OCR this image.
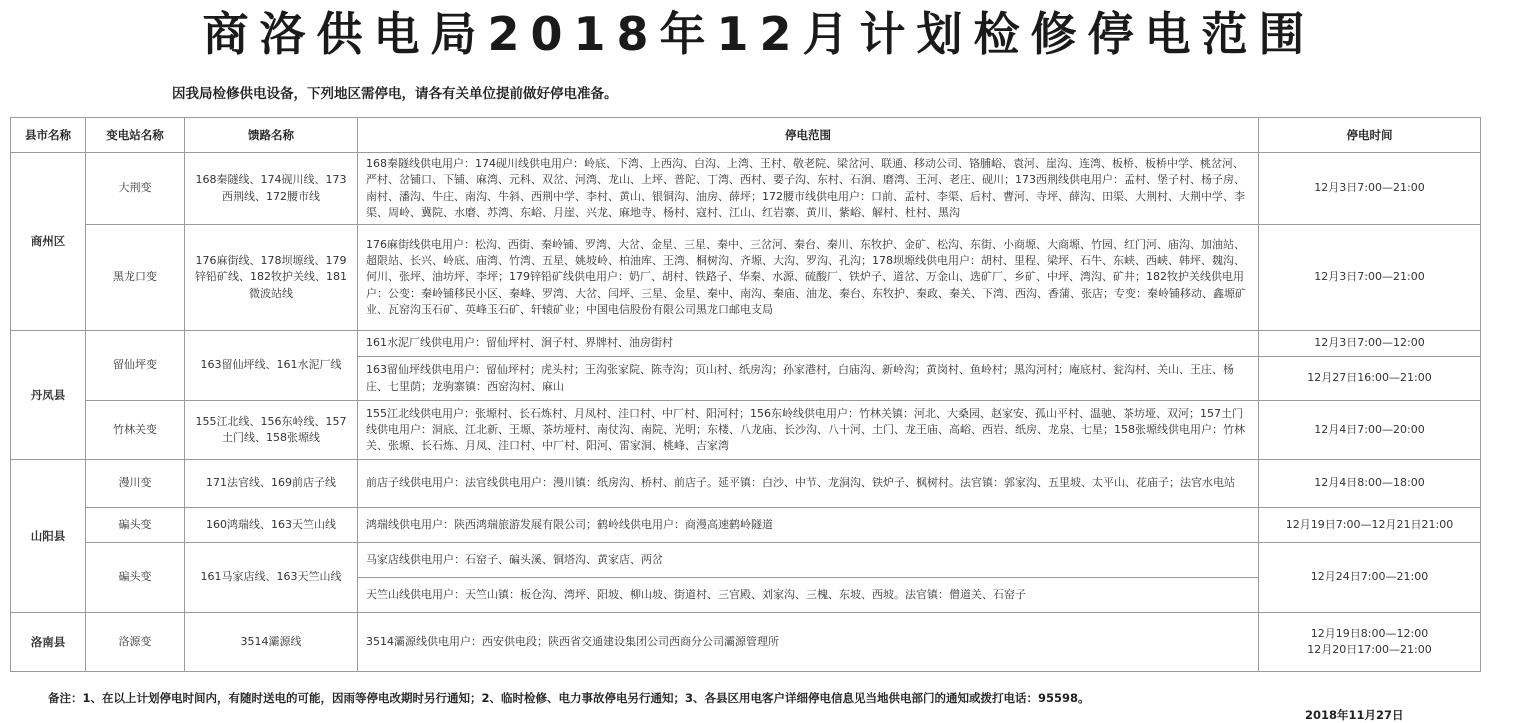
商洛供电局2018年12月计划检修停电范围
因我局检修供电设备，下列地区需停电，请各有关单位提前做好停电准备。
县市名称	变电站名称	馈路名称	停电范围	停电时间
商州区	大荆变	168秦隧线、174砚川线、173西荆线、172腰市线	168秦隧线供电用户：174砚川线供电用户：岭底、下湾、上西沟、白沟、上湾、王村、敬老院、梁岔河、联通、移动公司、铬脯峪、袁河、崖沟、连湾、板桥、板桥中学、桃岔河、严村、岔铺口、下铺、麻湾、元科、双岔、河湾、龙山、上坪、普陀、丁湾、西村、要子沟、东村、石涧、磨湾、王河、老庄、砚川；173西荆线供电用户：孟村、堡子村、杨子房、南村、潘沟、牛庄、南沟、牛斜、西荆中学、李村、黄山、银铜沟、油房、薛坪；172腰市线供电用户：口前、孟村、李渠、后村、曹河、寺坪、薛沟、田渠、大荆村、大荆中学、李渠、周岭、冀院、水磨、苏湾、东峪、月崖、兴龙、麻地寺、杨村、寇村、江山、红岩寨、黄川、紫峪、解村、杜村、黑沟	12月3日7:00—21:00
	黑龙口变	176麻街线、178坝塬线、179锌铅矿线、182牧护关线、181微波站线	176麻街线供电用户：松沟、西街、秦岭铺、罗湾、大岔、金星、三星、秦中、三岔河、秦台、秦川、东牧护、金矿、松沟、东街、小商塬、大商塬、竹园、红门河、庙沟、加油站、超限站、长兴、岭底、庙湾、竹湾、五星、姚坡岭、柏油库、王湾、桐树沟、齐塬、大沟、罗沟、孔沟；178坝塬线供电用户：胡村、里程、梁坪、石牛、东峡、西峡、韩坪、魏沟、何川、张坪、油坊坪、李坪；179锌铅矿线供电用户：奶厂、胡村、铁路子、华秦、水源、硫酸厂、铁炉子、道岔、万金山、选矿厂、乡矿、中坪、湾沟、矿井；182牧护关线供电用户：公变：秦岭铺移民小区、秦峰、罗湾、大岔、闫坪、三星、金星、秦中、南沟、秦庙、油龙、秦台、东牧护、秦政、秦关、下湾、西沟、香蒲、张店；专变：秦岭铺移动、鑫塬矿业、瓦窑沟玉石矿、英峰玉石矿、轩辕矿业；中国电信股份有限公司黑龙口邮电支局	12月3日7:00—21:00
丹凤县	留仙坪变	163留仙坪线、161水泥厂线	161水泥厂线供电用户：留仙坪村、涧子村、界牌村、油房街村	12月3日7:00—12:00
			163留仙坪线供电用户：留仙坪村；虎头村；王沟张家院、陈寺沟；页山村、纸房沟；孙家港村，白庙沟、新岭沟；黄岗村、鱼岭村；黑沟河村；庵底村、瓮沟村、关山、王庄、杨庄、七里荫；龙驹寨镇：西窑沟村、麻山	12月27日16:00—21:00
	竹林关变	155江北线、156东岭线、157土门线、158张塬线	155江北线供电用户：张塬村、长石炼村、月凤村、洼口村、中厂村、阳河村；156东岭线供电用户：竹林关镇：河北、大桑园、赵家安、孤山平村、温驰、茶坊垭、双河；157土门线供电用户：洞底、江北新、王塬、茶坊垭村、南仗沟、南院、光明；东楼、八龙庙、长沙沟、八十河、土门、龙王庙、高峪、西岩、纸房、龙泉、七星；158张塬线供电用户：竹林关、张塬、长石炼、月凤、洼口村、中厂村、阳河、雷家洞、桃峰、吉家湾	12月4日7:00—20:00
山阳县	漫川变	171法官线、169前店子线	前店子线供电用户：法官线供电用户：漫川镇：纸房沟、桥村、前店子。延平镇：白沙、中节、龙洞沟、铁炉子、枫树村。法官镇：郭家沟、五里坡、太平山、花庙子；法官水电站	12月4日8:00—18:00
	碥头变	160鸿瑞线、163天竺山线	鸿瑞线供电用户：陕西鸿瑞旅游发展有限公司；鹤岭线供电用户：商漫高速鹤岭隧道	12月19日7:00—12月21日21:00
	碥头变	161马家店线、163天竺山线	马家店线供电用户：石窑子、碥头溪、铜塔沟、黄家店、两岔	12月24日7:00—21:00
			天竺山线供电用户：天竺山镇：板仓沟、湾坪、阳坡、柳山坡、街道村、三官殿、刘家沟、三槐、东坡、西坡。法官镇：僧道关、石窑子	
洛南县	洛源变	3514灞源线	3514灞源线供电用户：西安供电段；陕西省交通建设集团公司西商分公司灞源管理所	12月19日8:00—12:00
12月20日17:00—21:00
备注：1、在以上计划停电时间内，有随时送电的可能，因雨等停电改期时另行通知；2、临时检修、电力事故停电另行通知；3、各县区用电客户详细停电信息见当地供电部门的通知或拨打电话：95598。
2018年11月27日
